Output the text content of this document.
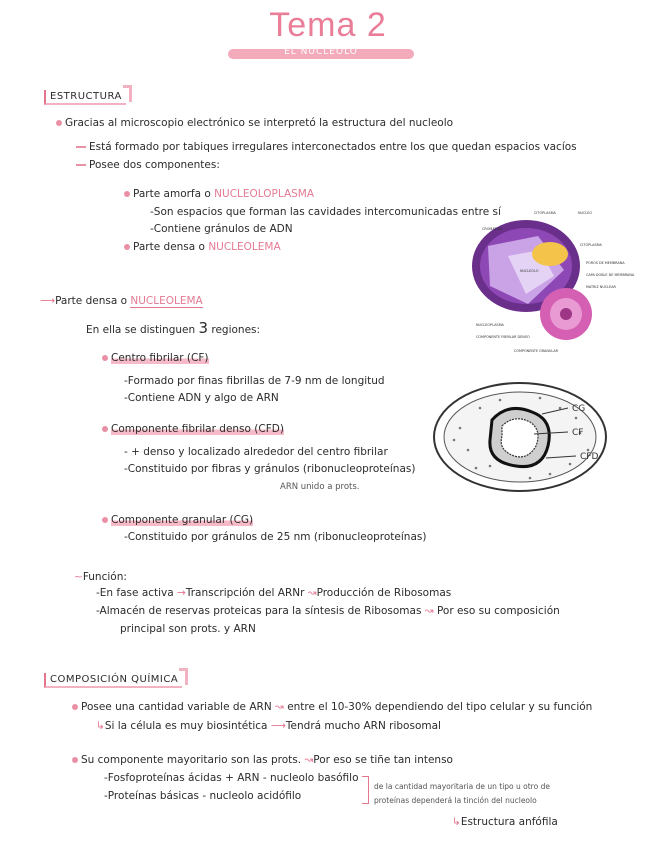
Tema 2
EL NUCLEOLO
ESTRUCTURA
Gracias al microscopio electrónico se interpretó la estructura del nucleolo
Está formado por tabiques irregulares interconectados entre los que quedan espacios vacíos
Posee dos componentes:
Parte amorfa o NUCLEOLOPLASMA
-Son espacios que forman las cavidades intercomunicadas entre sí
-Contiene gránulos de ADN
Parte densa o NUCLEOLEMA
CITOPLASMA	NUCLEO
CROMATINA
NUCLEOLO
CITOPLASMA
POROS DE MEMBRANA
CAPA DOBLE DE MEMBRANA
MATRIZ NUCLEAR
NUCLEOPLASMA
COMPONENTE FIBRILAR DENSO
COMPONENTE GRANULAR
⟶Parte densa o NUCLEOLEMA
En ella se distinguen 3 regiones:
Centro fibrilar (CF)
-Formado por finas fibrillas de 7-9 nm de longitud
-Contiene ADN y algo de ARN
Componente fibrilar denso (CFD)
- + denso y localizado alrededor del centro fibrilar
-Constituido por fibras y gránulos (ribonucleoproteínas)
ARN unido a prots.
Componente granular (CG)
-Constituido por gránulos de 25 nm (ribonucleoproteínas)
CG
CF
CFD
∼Función:
-En fase activa →Transcripción del ARNr ↝Producción de Ribosomas
-Almacén de reservas proteicas para la síntesis de Ribosomas ↝ Por eso su composición
principal son prots. y ARN
COMPOSICIÓN QUÍMICA
Posee una cantidad variable de ARN ↝ entre el 10-30% dependiendo del tipo celular y su función
↳Si la célula es muy biosintética ⟶Tendrá mucho ARN ribosomal
Su componente mayoritario son las prots. ↝Por eso se tiñe tan intenso
-Fosfoproteínas ácidas + ARN - nucleolo basófilo
-Proteínas básicas - nucleolo acidófilo
de la cantidad mayoritaria de un tipo u otro de
proteínas dependerá la tinción del nucleolo
↳Estructura anfófila
